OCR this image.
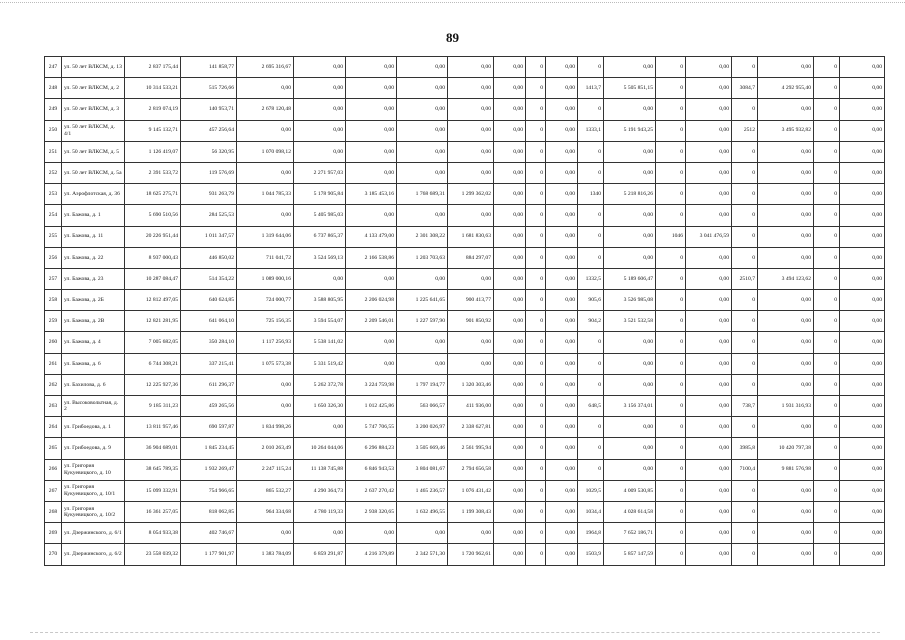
89
247	ул. 50 лет ВЛКСМ, д. 13	2 837 175,44	141 858,77	2 695 316,67	0,00	0,00	0,00	0,00	0,00	0	0,00	0	0,00	0	0,00	0	0,00	0	0,00
248	ул. 50 лет ВЛКСМ, д. 2	10 314 533,21	515 726,66	0,00	0,00	0,00	0,00	0,00	0,00	0	0,00	1413,7	5 505 851,15	0	0,00	3084,7	4 292 955,40	0	0,00
249	ул. 50 лет ВЛКСМ, д. 3	2 819 074,19	140 953,71	2 678 120,48	0,00	0,00	0,00	0,00	0,00	0	0,00	0	0,00	0	0,00	0	0,00	0	0,00
250	ул. 50 лет ВЛКСМ, д. 4/1	9 145 132,71	457 256,64	0,00	0,00	0,00	0,00	0,00	0,00	0	0,00	1333,1	5 191 943,25	0	0,00	2512	3 495 932,82	0	0,00
251	ул. 50 лет ВЛКСМ, д. 5	1 126 419,07	56 320,95	1 070 098,12	0,00	0,00	0,00	0,00	0,00	0	0,00	0	0,00	0	0,00	0	0,00	0	0,00
252	ул. 50 лет ВЛКСМ, д. 5а	2 391 533,72	119 576,69	0,00	2 271 957,03	0,00	0,00	0,00	0,00	0	0,00	0	0,00	0	0,00	0	0,00	0	0,00
253	ул. Аэрофлотская, д. 36	18 625 275,71	931 263,79	1 044 785,33	5 178 905,84	3 185 453,16	1 768 689,31	1 299 362,02	0,00	0	0,00	1340	5 218 816,26	0	0,00	0	0,00	0	0,00
254	ул. Бажова, д. 1	5 690 510,56	284 525,53	0,00	5 405 985,03	0,00	0,00	0,00	0,00	0	0,00	0	0,00	0	0,00	0	0,00	0	0,00
255	ул. Бажова, д. 11	20 226 951,44	1 011 347,57	1 319 644,06	6 737 865,37	4 133 479,00	2 301 308,22	1 681 830,63	0,00	0	0,00	0	0,00	1046	3 041 476,59	0	0,00	0	0,00
256	ул. Бажова, д. 22	8 937 000,43	446 850,02	711 041,72	3 524 569,13	2 166 538,86	1 203 703,63	884 297,07	0,00	0	0,00	0	0,00	0	0,00	0	0,00	0	0,00
257	ул. Бажова, д. 23	10 287 084,47	514 354,22	1 089 000,16	0,00	0,00	0,00	0,00	0,00	0	0,00	1332,5	5 189 606,47	0	0,00	2510,7	3 494 123,62	0	0,00
258	ул. Бажова, д. 2Б	12 812 497,05	640 624,85	724 000,77	3 588 805,95	2 206 024,98	1 225 641,65	900 413,77	0,00	0	0,00	905,6	3 526 985,08	0	0,00	0	0,00	0	0,00
259	ул. Бажова, д. 2В	12 821 281,95	641 064,10	725 156,35	3 594 554,07	2 209 546,01	1 227 597,90	901 850,92	0,00	0	0,00	904,2	3 521 532,58	0	0,00	0	0,00	0	0,00
260	ул. Бажова, д. 4	7 005 682,05	350 284,10	1 117 256,93	5 538 141,02	0,00	0,00	0,00	0,00	0	0,00	0	0,00	0	0,00	0	0,00	0	0,00
261	ул. Бажова, д. 6	6 744 308,21	337 215,41	1 075 573,38	5 331 519,42	0,00	0,00	0,00	0,00	0	0,00	0	0,00	0	0,00	0	0,00	0	0,00
262	ул. Бахилова, д. 6	12 225 927,36	611 296,37	0,00	5 262 372,78	3 224 759,98	1 797 194,77	1 320 303,46	0,00	0	0,00	0	0,00	0	0,00	0	0,00	0	0,00
263	ул. Высоковольтная, д. 2	9 185 311,23	459 265,56	0,00	1 650 326,30	1 012 425,86	563 066,57	411 936,00	0,00	0	0,00	648,5	3 156 374,01	0	0,00	738,7	1 931 316,93	0	0,00
264	ул. Грибоедова, д. 1	13 811 957,46	690 597,87	1 834 998,26	0,00	5 747 706,55	3 200 026,97	2 338 627,81	0,00	0	0,00	0	0,00	0	0,00	0	0,00	0	0,00
265	ул. Грибоедова, д. 9	36 904 689,01	1 845 234,45	2 010 263,49	10 264 044,06	6 296 884,23	3 505 669,46	2 561 995,94	0,00	0	0,00	0	0,00	0	0,00	3985,8	10 420 797,38	0	0,00
266	ул. Григория Кукуевицкого, д. 10	38 645 789,35	1 932 269,47	2 247 115,24	11 138 745,88	6 846 943,53	3 804 081,67	2 794 656,58	0,00	0	0,00	0	0,00	0	0,00	7100,4	9 881 576,98	0	0,00
267	ул. Григория Кукуевицкого, д. 10/1	15 099 332,91	754 966,65	865 532,27	4 290 364,73	2 637 270,42	1 465 236,57	1 076 431,42	0,00	0	0,00	1029,5	4 009 530,85	0	0,00	0	0,00	0	0,00
268	ул. Григория Кукуевицкого, д. 10/2	16 361 257,05	818 062,85	964 334,68	4 780 119,33	2 938 320,65	1 632 496,55	1 199 308,43	0,00	0	0,00	1034,4	4 028 614,58	0	0,00	0	0,00	0	0,00
269	ул. Дзержинского, д. 6/1	8 054 933,38	402 746,67	0,00	0,00	0,00	0,00	0,00	0,00	0	0,00	1964,8	7 652 186,71	0	0,00	0	0,00	0	0,00
270	ул. Дзержинского, д. 6/2	23 558 039,32	1 177 901,97	1 383 784,09	6 859 291,87	4 216 379,89	2 342 571,30	1 720 962,61	0,00	0	0,00	1503,9	5 857 147,59	0	0,00	0	0,00	0	0,00
